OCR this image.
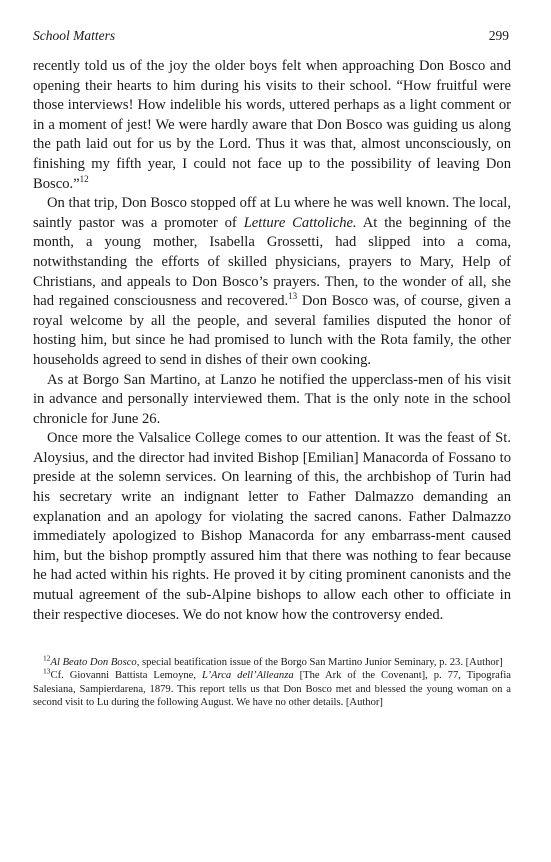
School Matters	299

recently told us of the joy the older boys felt when approaching Don Bosco and opening their hearts to him during his visits to their school. “How fruitful were those interviews! How indelible his words, uttered perhaps as a light comment or in a moment of jest! We were hardly aware that Don Bosco was guiding us along the path laid out for us by the Lord. Thus it was that, almost unconsciously, on finishing my fifth year, I could not face up to the possibility of leaving Don Bosco.”$^{12}$

On that trip, Don Bosco stopped off at Lu where he was well known. The local, saintly pastor was a promoter of Letture Cattoliche. At the beginning of the month, a young mother, Isabella Grossetti, had slipped into a coma, notwithstanding the efforts of skilled physicians, prayers to Mary, Help of Christians, and appeals to Don Bosco’s prayers. Then, to the wonder of all, she had regained consciousness and recovered.$^{13}$ Don Bosco was, of course, given a royal welcome by all the people, and several families disputed the honor of hosting him, but since he had promised to lunch with the Rota family, the other households agreed to send in dishes of their own cooking.

As at Borgo San Martino, at Lanzo he notified the upperclass-men of his visit in advance and personally interviewed them. That is the only note in the school chronicle for June 26.

Once more the Valsalice College comes to our attention. It was the feast of St. Aloysius, and the director had invited Bishop [Emilian] Manacorda of Fossano to preside at the solemn services. On learning of this, the archbishop of Turin had his secretary write an indignant letter to Father Dalmazzo demanding an explanation and an apology for violating the sacred canons. Father Dalmazzo immediately apologized to Bishop Manacorda for any embarrass-ment caused him, but the bishop promptly assured him that there was nothing to fear because he had acted within his rights. He proved it by citing prominent canonists and the mutual agreement of the sub-Alpine bishops to allow each other to officiate in their respective dioceses. We do not know how the controversy ended.

$^{12}$Al Beato Don Bosco, special beatification issue of the Borgo San Martino Junior Seminary, p. 23. [Author]

$^{13}$Cf. Giovanni Battista Lemoyne, L’Arca dell’Alleanza [The Ark of the Covenant], p. 77, Tipografia Salesiana, Sampierdarena, 1879. This report tells us that Don Bosco met and blessed the young woman on a second visit to Lu during the following August. We have no other details. [Author]
